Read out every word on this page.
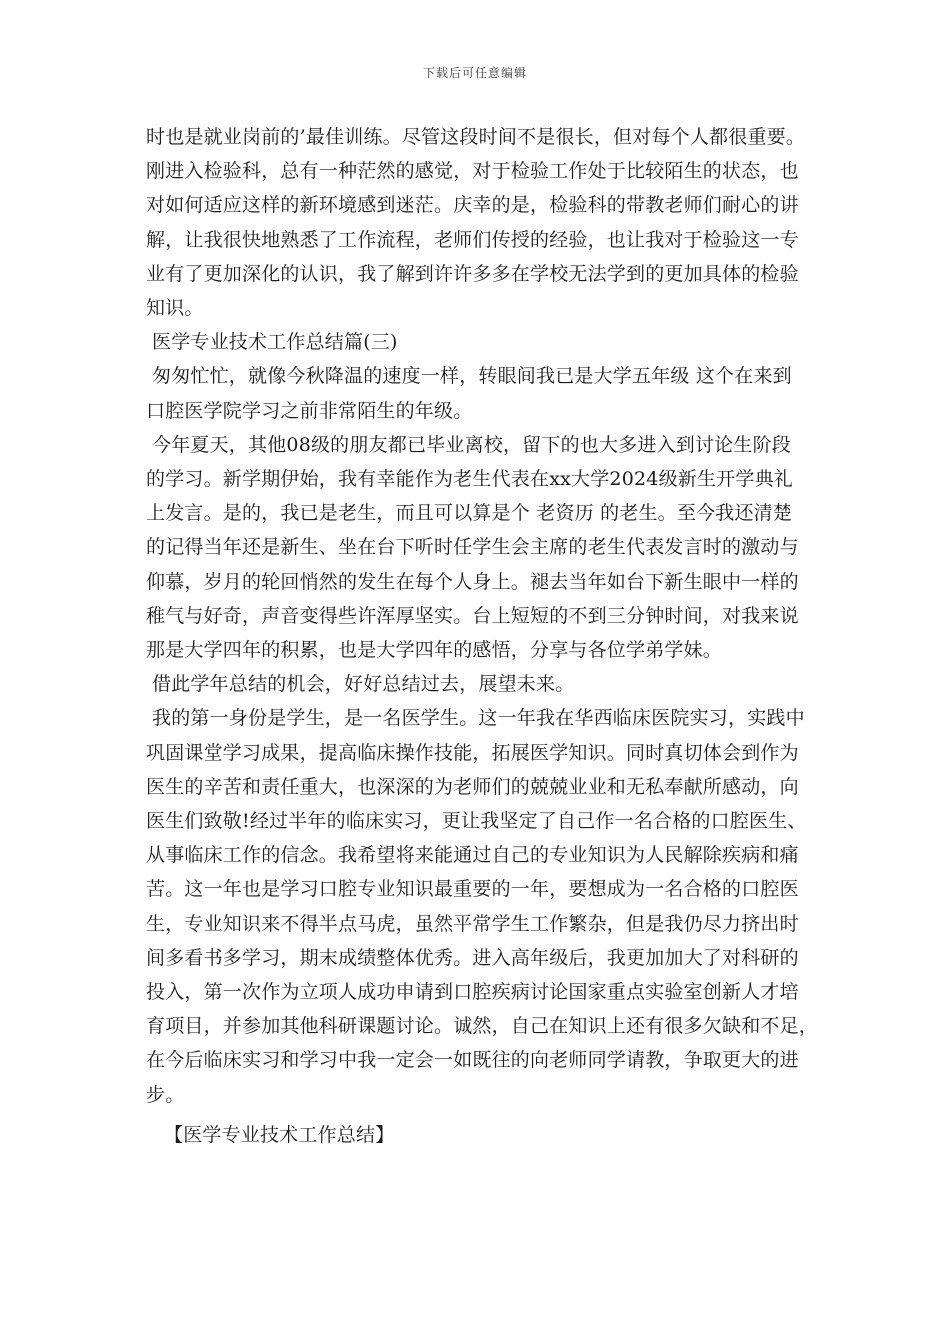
下载后可任意编辑
时也是就业岗前的’最佳训练。尽管这段时间不是很长，但对每个人都很重要。
刚进入检验科，总有一种茫然的感觉，对于检验工作处于比较陌生的状态，也
对如何适应这样的新环境感到迷茫。庆幸的是，检验科的带教老师们耐心的讲
解，让我很快地熟悉了工作流程，老师们传授的经验，也让我对于检验这一专
业有了更加深化的认识，我了解到许许多多在学校无法学到的更加具体的检验
知识。
医学专业技术工作总结篇(三)
匆匆忙忙，就像今秋降温的速度一样，转眼间我已是大学五年级 这个在来到
口腔医学院学习之前非常陌生的年级。
今年夏天，其他08级的朋友都已毕业离校，留下的也大多进入到讨论生阶段
的学习。新学期伊始，我有幸能作为老生代表在xx大学2024级新生开学典礼
上发言。是的，我已是老生，而且可以算是个 老资历 的老生。至今我还清楚
的记得当年还是新生、坐在台下听时任学生会主席的老生代表发言时的激动与
仰慕，岁月的轮回悄然的发生在每个人身上。褪去当年如台下新生眼中一样的
稚气与好奇，声音变得些许浑厚坚实。台上短短的不到三分钟时间，对我来说
那是大学四年的积累，也是大学四年的感悟，分享与各位学弟学妹。
借此学年总结的机会，好好总结过去，展望未来。
我的第一身份是学生，是一名医学生。这一年我在华西临床医院实习，实践中
巩固课堂学习成果，提高临床操作技能，拓展医学知识。同时真切体会到作为
医生的辛苦和责任重大，也深深的为老师们的兢兢业业和无私奉献所感动，向
医生们致敬!经过半年的临床实习，更让我坚定了自己作一名合格的口腔医生、
从事临床工作的信念。我希望将来能通过自己的专业知识为人民解除疾病和痛
苦。这一年也是学习口腔专业知识最重要的一年，要想成为一名合格的口腔医
生，专业知识来不得半点马虎，虽然平常学生工作繁杂，但是我仍尽力挤出时
间多看书多学习，期末成绩整体优秀。进入高年级后，我更加加大了对科研的
投入，第一次作为立项人成功申请到口腔疾病讨论国家重点实验室创新人才培
育项目，并参加其他科研课题讨论。诚然，自己在知识上还有很多欠缺和不足，
在今后临床实习和学习中我一定会一如既往的向老师同学请教，争取更大的进
步。
【医学专业技术工作总结】
